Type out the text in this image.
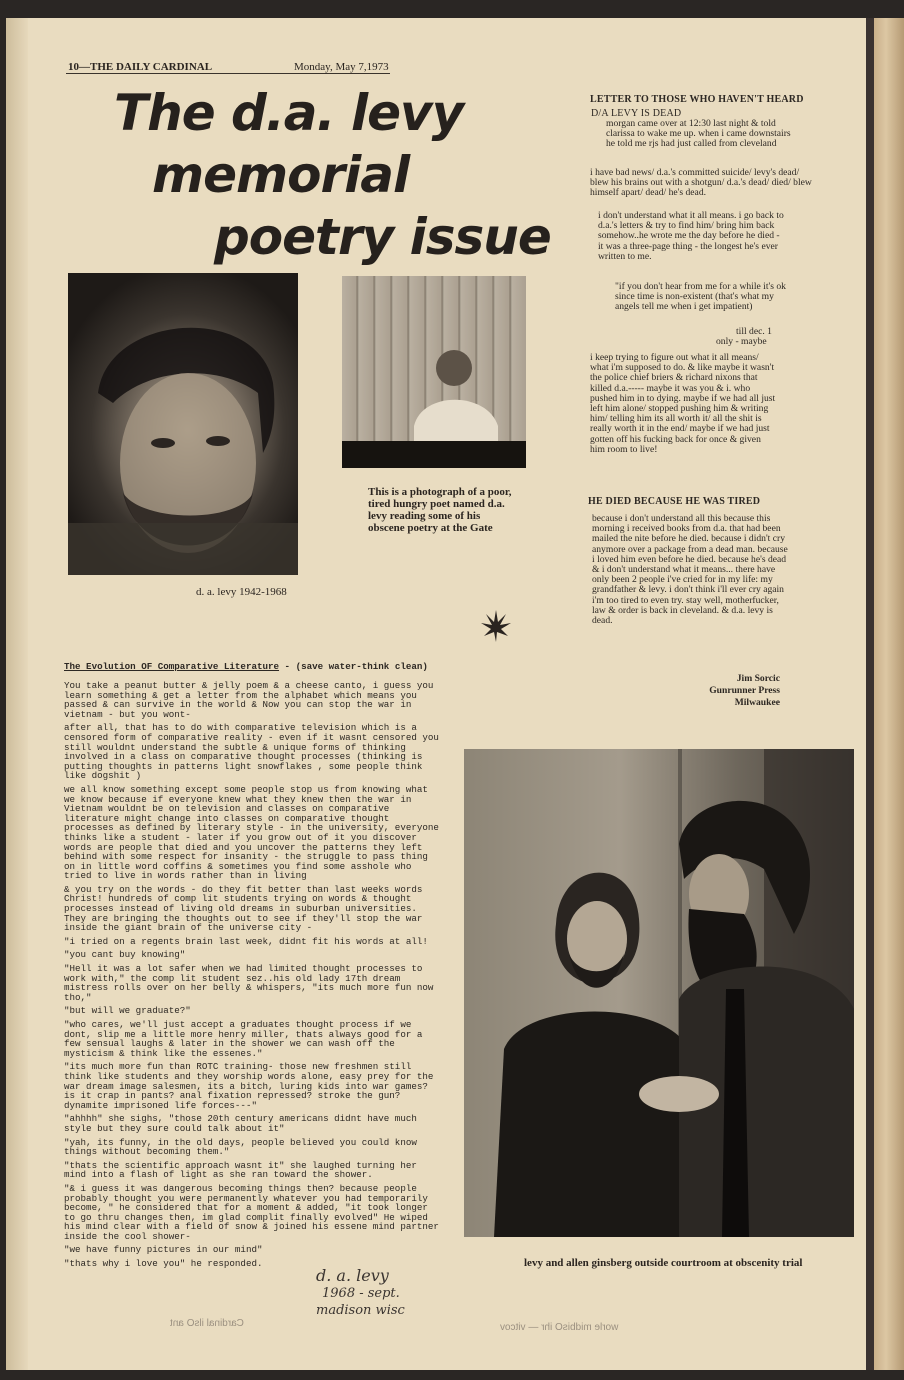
10—THE DAILY CARDINAL	Monday, May 7,1973
The d.a. levy
memorial
poetry issue
d. a. levy 1942-1968
This is a photograph of a poor, tired hungry poet named d.a. levy reading some of his obscene poetry at the Gate
The Evolution OF Comparative Literature - (save water-think clean)
You take a peanut butter & jelly poem & a cheese canto, i guess you learn something & get a letter from the alphabet which means you passed & can survive in the world & Now you can stop the war in vietnam - but you wont-
after all, that has to do with comparative television which is a censored form of comparative reality - even if it wasnt censored you still wouldnt understand the subtle & unique forms of thinking involved in a class on comparative thought processes (thinking is putting thoughts in patterns light snowflakes , some people think like dogshit )
we all know something except some people stop us from knowing what we know because if everyone knew what they knew then the war in Vietnam wouldnt be on television and classes on comparative literature might change into classes on comparative thought processes as defined by literary style - in the university, everyone thinks like a student - later if you grow out of it you discover words are people that died and you uncover the patterns they left behind with some respect for insanity - the struggle to pass thing on in little word coffins & sometimes you find some asshole who tried to live in words rather than in living
& you try on the words - do they fit better than last weeks words Christ! hundreds of comp lit students trying on words & thought processes instead of living old dreams in suburban universities. They are bringing the thoughts out to see if they'll stop the war inside the giant brain of the universe city -
"i tried on a regents brain last week, didnt fit his words at all!
"you cant buy knowing"
"Hell it was a lot safer when we had limited thought processes to work with," the comp lit student sez..his old lady 17th dream mistress rolls over on her belly & whispers, "its much more fun now tho,"
"but will we graduate?"
"who cares, we'll just accept a graduates thought process if we dont, slip me a little more henry miller, thats always good for a few sensual laughs & later in the shower we can wash off the mysticism & think like the essenes."
"its much more fun than ROTC training- those new freshmen still think like students and they worship words alone, easy prey for the war dream image salesmen, its a bitch, luring kids into war games? is it crap in pants? anal fixation repressed? stroke the gun? dynamite imprisoned life forces---"
"ahhhh" she sighs, "those 20th century americans didnt have much style but they sure could talk about it"
"yah, its funny, in the old days, people believed you could know things without becoming them."
"thats the scientific approach wasnt it" she laughed turning her mind into a flash of light as she ran toward the shower.
"& i guess it was dangerous becoming things then? because people probably thought you were permanently whatever you had temporarily become, " he considered that for a moment & added, "it took longer to go thru changes then, im glad complit finally evolved" He wiped his mind clear with a field of snow & joined his essene mind partner inside the cool shower-
"we have funny pictures in our mind"
"thats why i love you" he responded.
d. a. levy
1968 - sept.
madison wisc
LETTER TO THOSE WHO HAVEN'T HEARD
D/A LEVY IS DEAD
morgan came over at 12:30 last night & told clarissa to wake me up. when i came downstairs he told me rjs had just called from cleveland
i have bad news/ d.a.'s committed suicide/ levy's dead/ blew his brains out with a shotgun/ d.a.'s dead/ died/ blew himself apart/ dead/ he's dead.
i don't understand what it all means. i go back to d.a.'s letters & try to find him/ bring him back somehow..he wrote me the day before he died - it was a three-page thing - the longest he's ever written to me.
"if you don't hear from me for a while it's ok since time is non-existent (that's what my angels tell me when i get impatient)
till dec. 1
only - maybe
i keep trying to figure out what it all means/ what i'm supposed to do. & like maybe it wasn't the police chief briers & richard nixons that killed d.a.----- maybe it was you & i. who pushed him in to dying. maybe if we had all just left him alone/ stopped pushing him & writing him/ telling him its all worth it/ all the shit is really worth it in the end/ maybe if we had just gotten off his fucking back for once & given him room to live!
HE DIED BECAUSE HE WAS TIRED
because i don't understand all this because this morning i received books from d.a. that had been mailed the nite before he died. because i didn't cry anymore over a package from a dead man. because i loved him even before he died. because he's dead & i don't understand what it means... there have only been 2 people i've cried for in my life: my grandfather & levy. i don't think i'll ever cry again i'm too tired to even try. stay well, motherfucker, law & order is back in cleveland. & d.a. levy is dead.
Jim Sorcic
Gunrunner Press
Milwaukee
levy and allen ginsberg outside courtroom at obscenity trial
worle midbisO ihr — vitcov
Cardinal ilsO ant
